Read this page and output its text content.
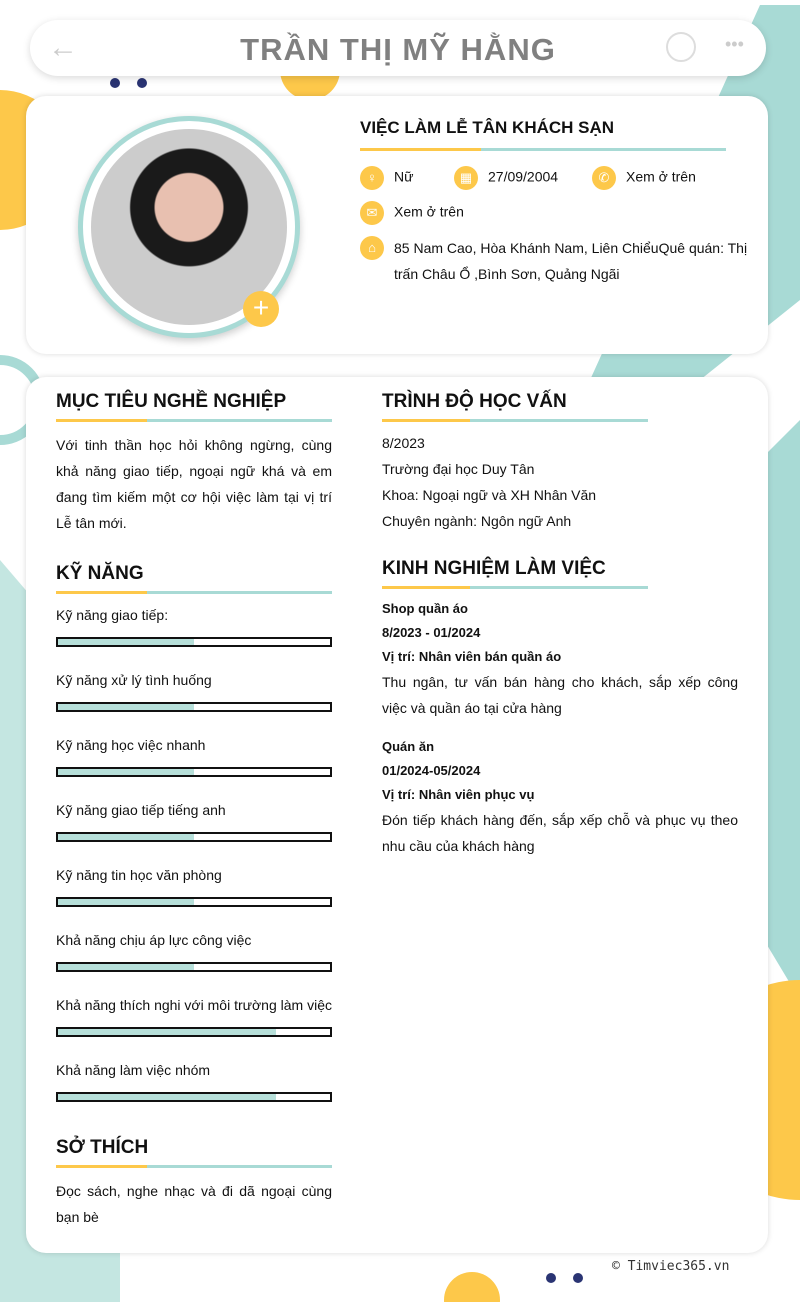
←	TRẦN THỊ MỸ HẰNG	•••
+
VIỆC LÀM LỄ TÂN KHÁCH SẠN
♀ Nữ	▦ 27/09/2004	✆ Xem ở trên
✉ Xem ở trên
⌂	85 Nam Cao, Hòa Khánh Nam, Liên ChiểuQuê quán: Thị trấn Châu Ổ ,Bình Sơn, Quảng Ngãi
MỤC TIÊU NGHỀ NGHIỆP
Với tinh thần học hỏi không ngừng, cùng khả năng giao tiếp, ngoại ngữ khá và em đang tìm kiếm một cơ hội việc làm tại vị trí Lễ tân mới.
KỸ NĂNG
Kỹ năng giao tiếp:
Kỹ năng xử lý tình huống
Kỹ năng học việc nhanh
Kỹ năng giao tiếp tiếng anh
Kỹ năng tin học văn phòng
Khả năng chịu áp lực công việc
Khả năng thích nghi với môi trường làm việc
Khả năng làm việc nhóm
SỞ THÍCH
Đọc sách, nghe nhạc và đi dã ngoại cùng bạn bè
TRÌNH ĐỘ HỌC VẤN
8/2023
Trường đại học Duy Tân
Khoa: Ngoại ngữ và XH Nhân Văn
Chuyên ngành: Ngôn ngữ Anh
KINH NGHIỆM LÀM VIỆC
Shop quần áo
8/2023 - 01/2024
Vị trí: Nhân viên bán quần áo
Thu ngân, tư vấn bán hàng cho khách, sắp xếp công việc và quần áo tại cửa hàng
Quán ăn
01/2024-05/2024
Vị trí: Nhân viên phục vụ
Đón tiếp khách hàng đến, sắp xếp chỗ và phục vụ theo nhu cầu của khách hàng
© Timviec365.vn
